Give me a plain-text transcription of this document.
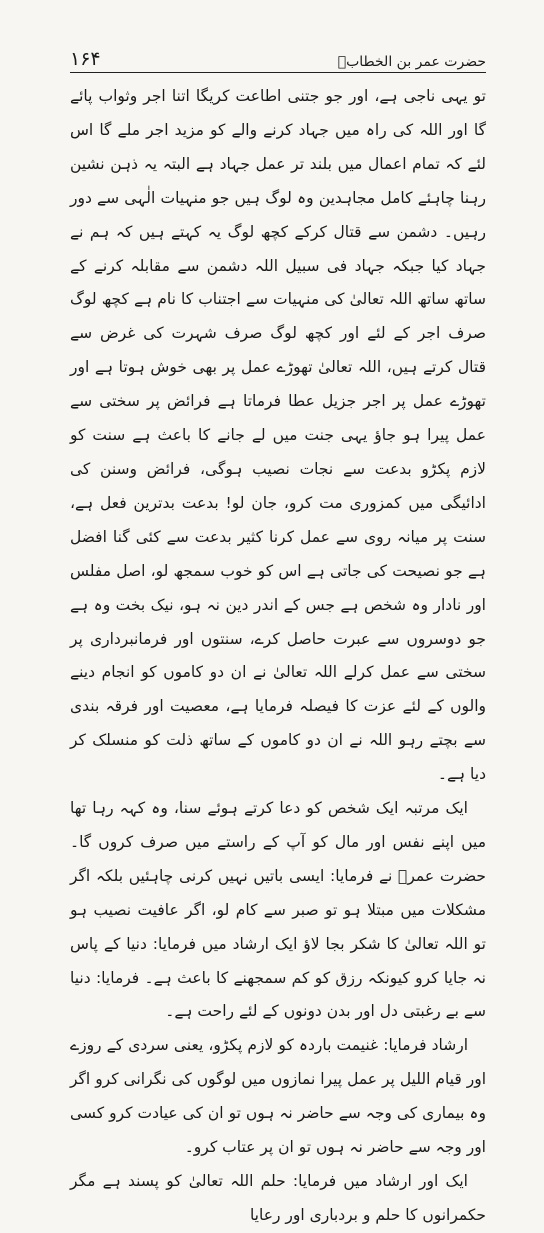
۱۶۴	حضرت عمر بن الخطابؓ

تو یہی ناجی ہے، اور جو جتنی اطاعت کریگا اتنا اجر وثواب پائے گا اور اللہ کی راہ میں جہاد کرنے والے کو مزید اجر ملے گا اس لئے کہ تمام اعمال میں بلند تر عمل جہاد ہے البتہ یہ ذہن نشین رہنا چاہئے کامل مجاہدین وہ لوگ ہیں جو منہیات الٰہی سے دور رہیں۔ دشمن سے قتال کرکے کچھ لوگ یہ کہتے ہیں کہ ہم نے جہاد کیا جبکہ جہاد فی سبیل اللہ دشمن سے مقابلہ کرنے کے ساتھ ساتھ اللہ تعالیٰ کی منہیات سے اجتناب کا نام ہے کچھ لوگ صرف اجر کے لئے اور کچھ لوگ صرف شہرت کی غرض سے قتال کرتے ہیں، اللہ تعالیٰ تھوڑے عمل پر بھی خوش ہوتا ہے اور تھوڑے عمل پر اجر جزیل عطا فرماتا ہے فرائض پر سختی سے عمل پیرا ہو جاؤ یہی جنت میں لے جانے کا باعث ہے سنت کو لازم پکڑو بدعت سے نجات نصیب ہوگی، فرائض وسنن کی ادائیگی میں کمزوری مت کرو، جان لو! بدعت بدترین فعل ہے، سنت پر میانہ روی سے عمل کرنا کثیر بدعت سے کئی گنا افضل ہے جو نصیحت کی جاتی ہے اس کو خوب سمجھ لو، اصل مفلس اور نادار وہ شخص ہے جس کے اندر دین نہ ہو، نیک بخت وہ ہے جو دوسروں سے عبرت حاصل کرے، سنتوں اور فرمانبرداری پر سختی سے عمل کرلے اللہ تعالیٰ نے ان دو کاموں کو انجام دینے والوں کے لئے عزت کا فیصلہ فرمایا ہے، معصیت اور فرقہ بندی سے بچتے رہو اللہ نے ان دو کاموں کے ساتھ ذلت کو منسلک کر دیا ہے۔

ایک مرتبہ ایک شخص کو دعا کرتے ہوئے سنا، وہ کہہ رہا تھا میں اپنے نفس اور مال کو آپ کے راستے میں صرف کروں گا۔ حضرت عمرؓ نے فرمایا: ایسی باتیں نہیں کرنی چاہئیں بلکہ اگر مشکلات میں مبتلا ہو تو صبر سے کام لو، اگر عافیت نصیب ہو تو اللہ تعالیٰ کا شکر بجا لاؤ ایک ارشاد میں فرمایا: دنیا کے پاس نہ جایا کرو کیونکہ رزق کو کم سمجھنے کا باعث ہے۔ فرمایا: دنیا سے بے رغبتی دل اور بدن دونوں کے لئے راحت ہے۔

ارشاد فرمایا: غنیمت باردہ کو لازم پکڑو، یعنی سردی کے روزے اور قیام اللیل پر عمل پیرا نمازوں میں لوگوں کی نگرانی کرو اگر وہ بیماری کی وجہ سے حاضر نہ ہوں تو ان کی عیادت کرو کسی اور وجہ سے حاضر نہ ہوں تو ان پر عتاب کرو۔

ایک اور ارشاد میں فرمایا: حلم اللہ تعالیٰ کو پسند ہے مگر حکمرانوں کا حلم و بردباری اور رعایا
